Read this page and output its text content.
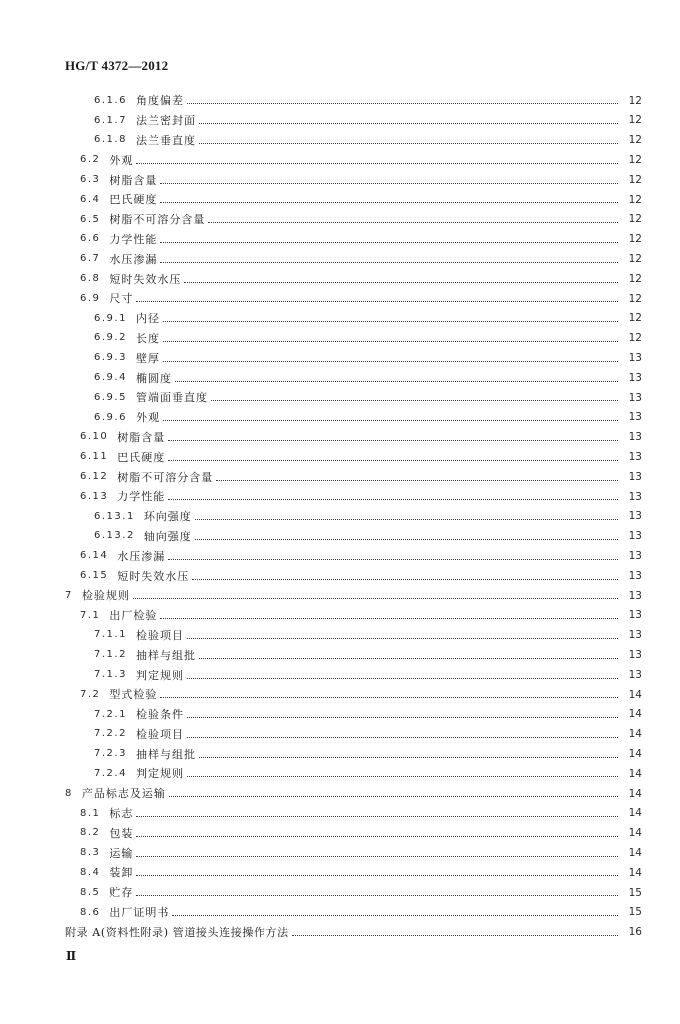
HG/T 4372—2012
6.1.6 角度偏差	12
6.1.7 法兰密封面	12
6.1.8 法兰垂直度	12
6.2 外观	12
6.3 树脂含量	12
6.4 巴氏硬度	12
6.5 树脂不可溶分含量	12
6.6 力学性能	12
6.7 水压渗漏	12
6.8 短时失效水压	12
6.9 尺寸	12
6.9.1 内径	12
6.9.2 长度	12
6.9.3 壁厚	13
6.9.4 椭圆度	13
6.9.5 管端面垂直度	13
6.9.6 外观	13
6.10 树脂含量	13
6.11 巴氏硬度	13
6.12 树脂不可溶分含量	13
6.13 力学性能	13
6.13.1 环向强度	13
6.13.2 轴向强度	13
6.14 水压渗漏	13
6.15 短时失效水压	13
7 检验规则	13
7.1 出厂检验	13
7.1.1 检验项目	13
7.1.2 抽样与组批	13
7.1.3 判定规则	13
7.2 型式检验	14
7.2.1 检验条件	14
7.2.2 检验项目	14
7.2.3 抽样与组批	14
7.2.4 判定规则	14
8 产品标志及运输	14
8.1 标志	14
8.2 包装	14
8.3 运输	14
8.4 装卸	14
8.5 贮存	15
8.6 出厂证明书	15
附录 A(资料性附录) 管道接头连接操作方法	16
Ⅱ
